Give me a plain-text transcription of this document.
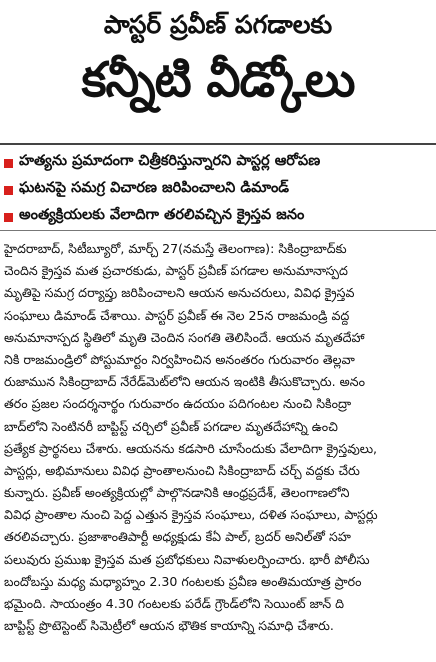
పాస్టర్ ప్రవీణ్ పగడాలకు
కన్నీటి వీడ్కోలు
హత్యను ప్రమాదంగా చిత్రీకరిస్తున్నారని పాస్టర్ల ఆరోపణ
ఘటనపై సమగ్ర విచారణ జరిపించాలని డిమాండ్
అంత్యక్రియలకు వేలాదిగా తరలివచ్చిన క్రైస్తవ జనం
హైదరాబాద్, సిటీబ్యూరో, మార్చ్ 27(నమస్తే తెలంగాణ): సికింద్రాబాద్‌కు
చెందిన క్రైస్తవ మత ప్రచారకుడు, పాస్టర్ ప్రవీణ్ పగడాల అనుమానాస్పద
మృతిపై సమగ్ర దర్యాప్తు జరిపించాలని ఆయన అనుచరులు, వివిధ క్రైస్తవ
సంఘాలు డిమాండ్ చేశాయి. పాస్టర్ ప్రవీణ్ ఈ నెల 25న రాజమండ్రి వద్ద
అనుమానాస్పద స్థితిలో మృతి చెందిన సంగతి తెలిసిందే. ఆయన మృతదేహా
నికి రాజమండ్రిలో పోస్టుమార్టం నిర్వహించిన అనంతరం గురువారం తెల్లవా
రుజామున సికింద్రాబాద్ నేరేడ్‌మెట్‌లోని ఆయన ఇంటికి తీసుకొచ్చారు. అనం
తరం ప్రజల సందర్శనార్థం గురువారం ఉదయం పదిగంటల నుంచి సికింద్రా
బాద్‌లోని సెంటినరీ బాప్టిస్ట్ చర్చిలో ప్రవీణ్ పగడాల మృతదేహాన్ని ఉంచి
ప్రత్యేక ప్రార్థనలు చేశారు. ఆయనను కడసారి చూసేందుకు వేలాదిగా క్రైస్తవులు,
పాస్టర్లు, అభిమానులు వివిధ ప్రాంతాలనుంచి సికింద్రాబాద్ చర్చ్ వద్దకు చేరు
కున్నారు. ప్రవీణ్ అంత్యక్రియల్లో పాల్గొనడానికి ఆంధ్రప్రదేశ్, తెలంగాణలోని
వివిధ ప్రాంతాల నుంచి పెద్ద ఎత్తున క్రైస్తవ సంఘాలు, దళిత సంఘాలు, పాస్టర్లు
తరలివచ్చారు. ప్రజాశాంతిపార్టీ అధ్యక్షుడు కేఏ పాల్, బ్రదర్ అనిల్‌తో సహ
పలువురు ప్రముఖ క్రైస్తవ మత ప్రబోధకులు నివాళులర్పించారు. భారీ పోలీసు
బందోబస్తు మధ్య మధ్యాహ్నం 2.30 గంటలకు ప్రవీణ అంతిమయాత్ర ప్రారం
భమైంది. సాయంత్రం 4.30 గంటలకు పరేడ్ గ్రౌండ్‌లోని సెయింట్ జాన్ ది
బాప్టిస్ట్ ప్రొటెస్టెంట్ సిమెట్రీలో ఆయన భౌతిక కాయాన్ని సమాధి చేశారు.
